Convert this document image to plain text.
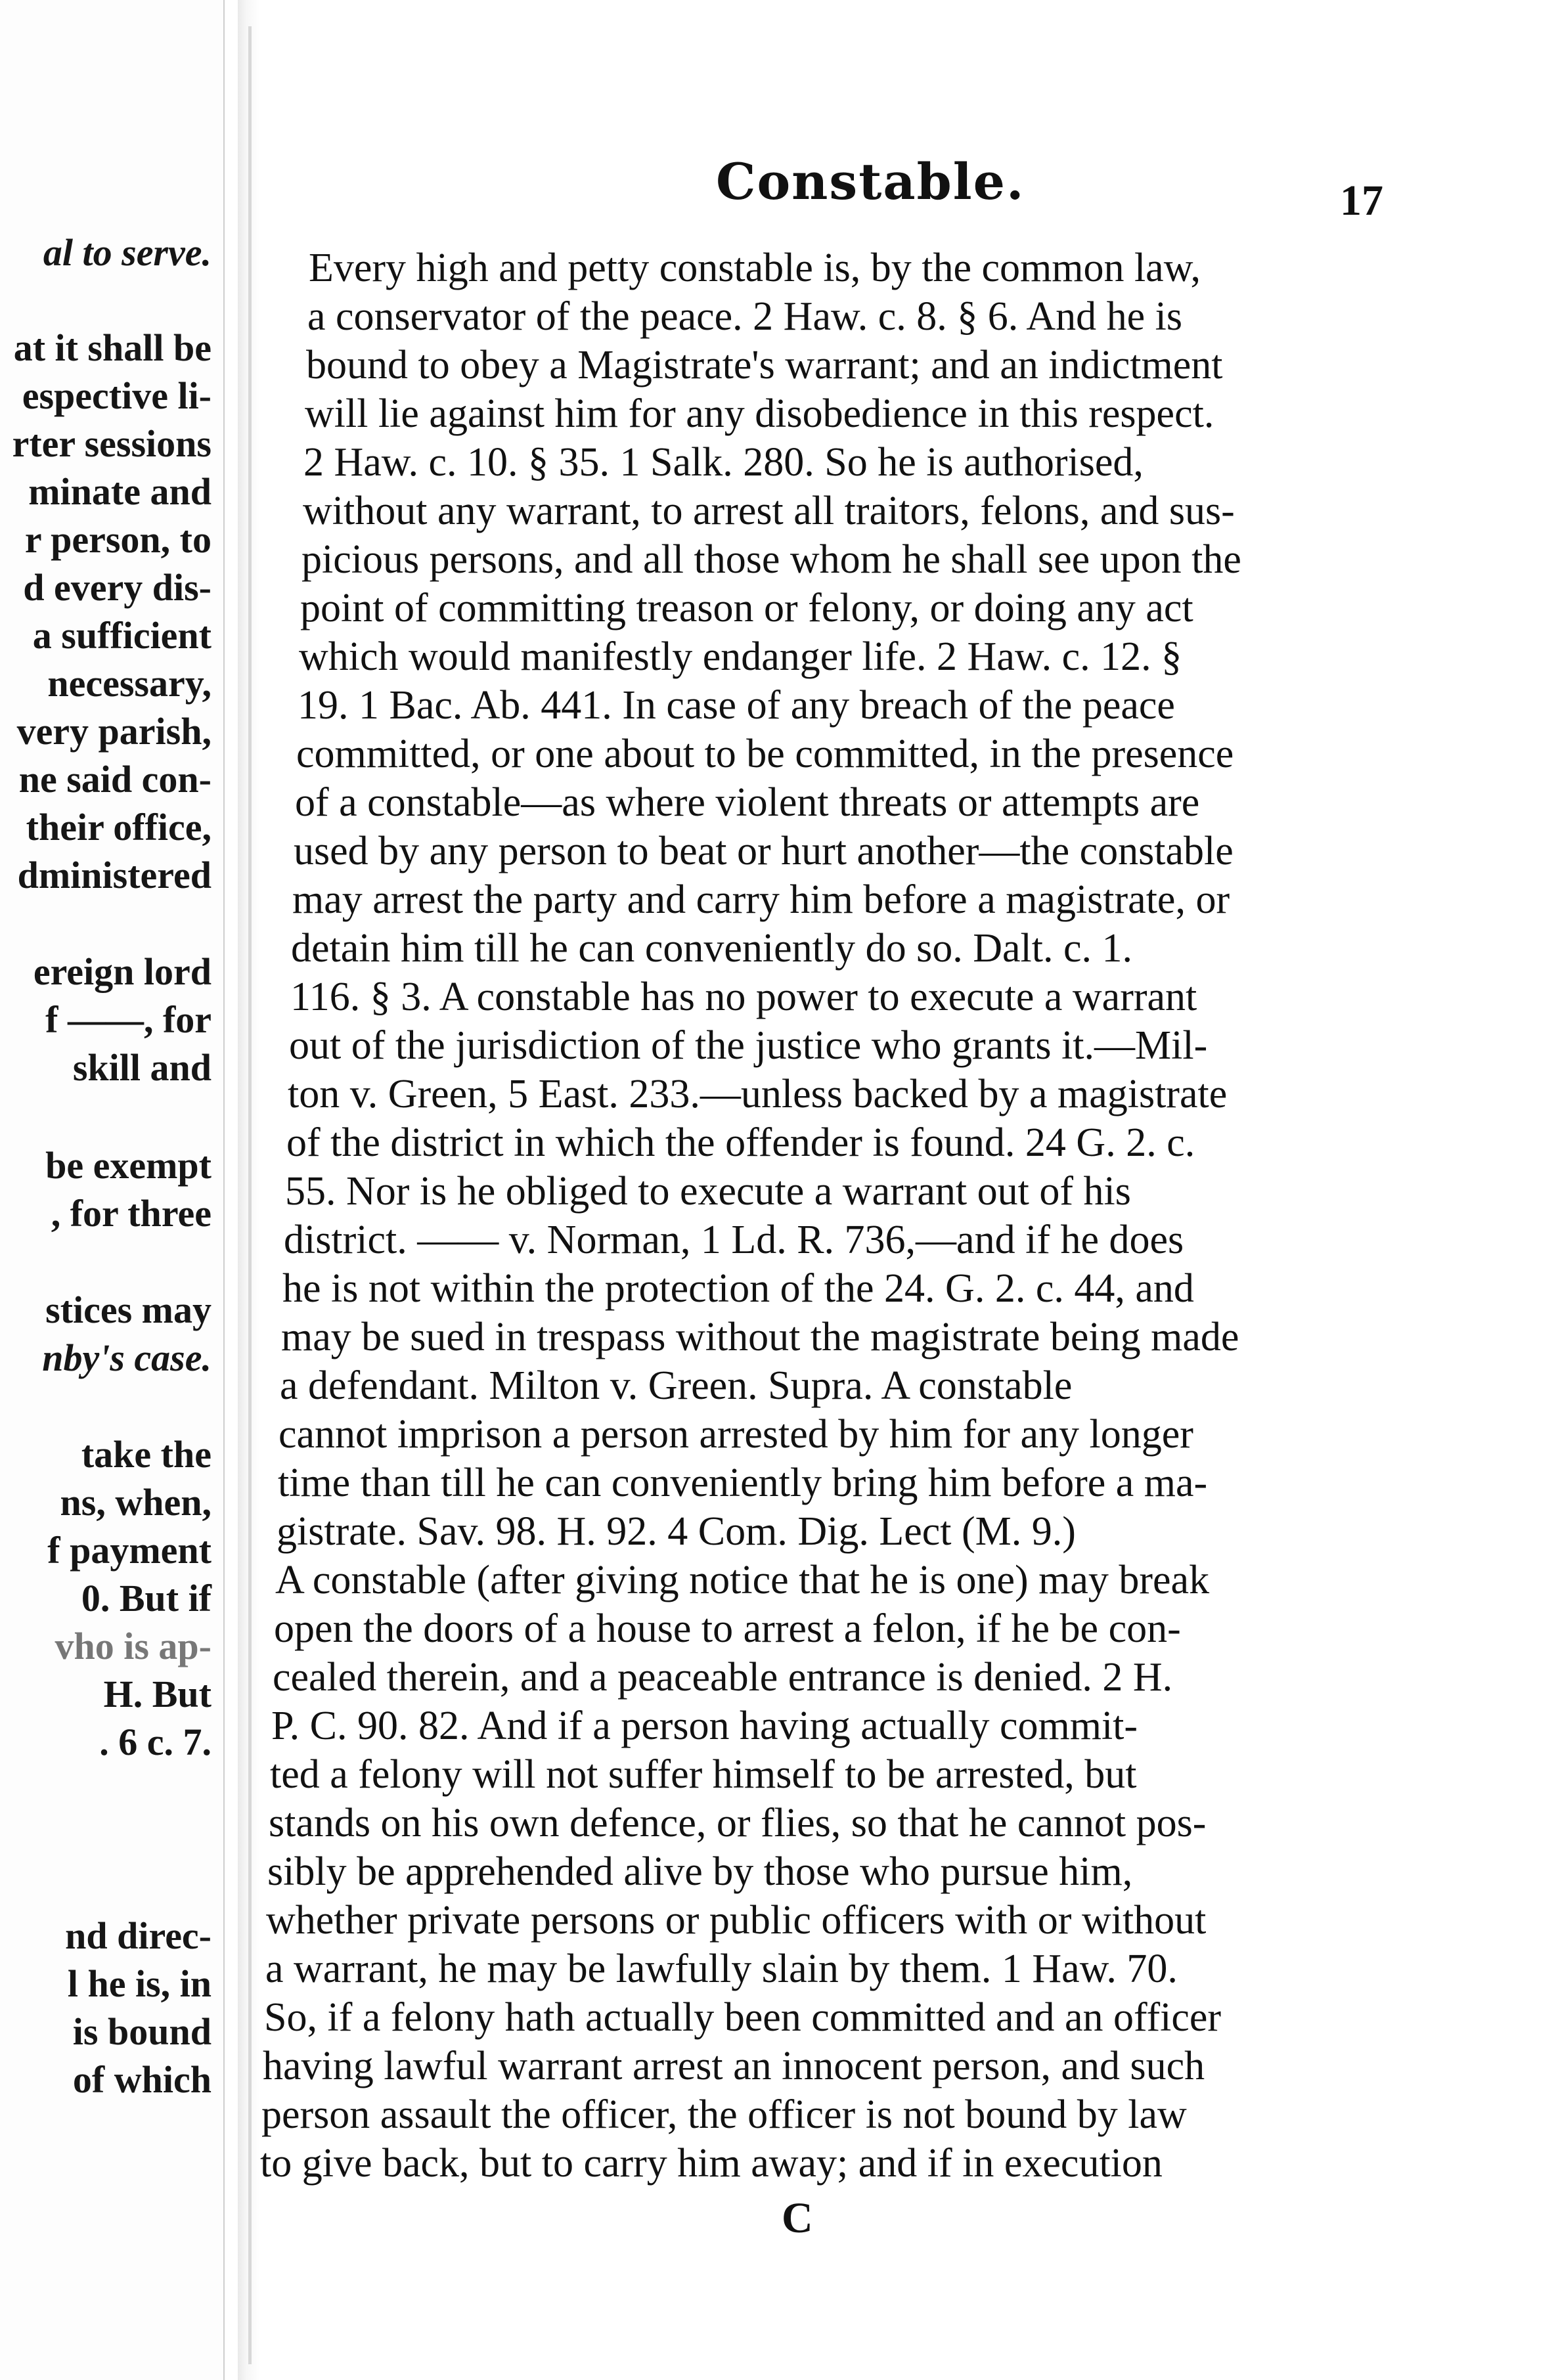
al to serve.
at it shall be
espective li-
rter sessions
minate and
r person, to
d every dis-
a sufficient
necessary,
very parish,
ne said con-
their office,
dministered
ereign lord
f ——, for
skill and
be exempt
, for three
stices may
nby's case.
take the
ns, when,
f payment
0. But if
vho is ap-
H. But
. 6 c. 7.
nd direc-
l he is, in
is bound
of which
Constable.	17
Every high and petty constable is, by the common law,
a conservator of the peace. 2 Haw. c. 8. § 6. And he is
bound to obey a Magistrate's warrant; and an indictment
will lie against him for any disobedience in this respect.
2 Haw. c. 10. § 35. 1 Salk. 280. So he is authorised,
without any warrant, to arrest all traitors, felons, and sus-
picious persons, and all those whom he shall see upon the
point of committing treason or felony, or doing any act
which would manifestly endanger life. 2 Haw. c. 12. §
19. 1 Bac. Ab. 441. In case of any breach of the peace
committed, or one about to be committed, in the presence
of a constable—as where violent threats or attempts are
used by any person to beat or hurt another—the constable
may arrest the party and carry him before a magistrate, or
detain him till he can conveniently do so. Dalt. c. 1.
116. § 3. A constable has no power to execute a warrant
out of the jurisdiction of the justice who grants it.—Mil-
ton v. Green, 5 East. 233.—unless backed by a magistrate
of the district in which the offender is found. 24 G. 2. c.
55. Nor is he obliged to execute a warrant out of his
district. —— v. Norman, 1 Ld. R. 736,—and if he does
he is not within the protection of the 24. G. 2. c. 44, and
may be sued in trespass without the magistrate being made
a defendant. Milton v. Green. Supra. A constable
cannot imprison a person arrested by him for any longer
time than till he can conveniently bring him before a ma-
gistrate. Sav. 98. H. 92. 4 Com. Dig. Lect (M. 9.)
A constable (after giving notice that he is one) may break
open the doors of a house to arrest a felon, if he be con-
cealed therein, and a peaceable entrance is denied. 2 H.
P. C. 90. 82. And if a person having actually commit-
ted a felony will not suffer himself to be arrested, but
stands on his own defence, or flies, so that he cannot pos-
sibly be apprehended alive by those who pursue him,
whether private persons or public officers with or without
a warrant, he may be lawfully slain by them. 1 Haw. 70.
So, if a felony hath actually been committed and an officer
having lawful warrant arrest an innocent person, and such
person assault the officer, the officer is not bound by law
to give back, but to carry him away; and if in execution
C
